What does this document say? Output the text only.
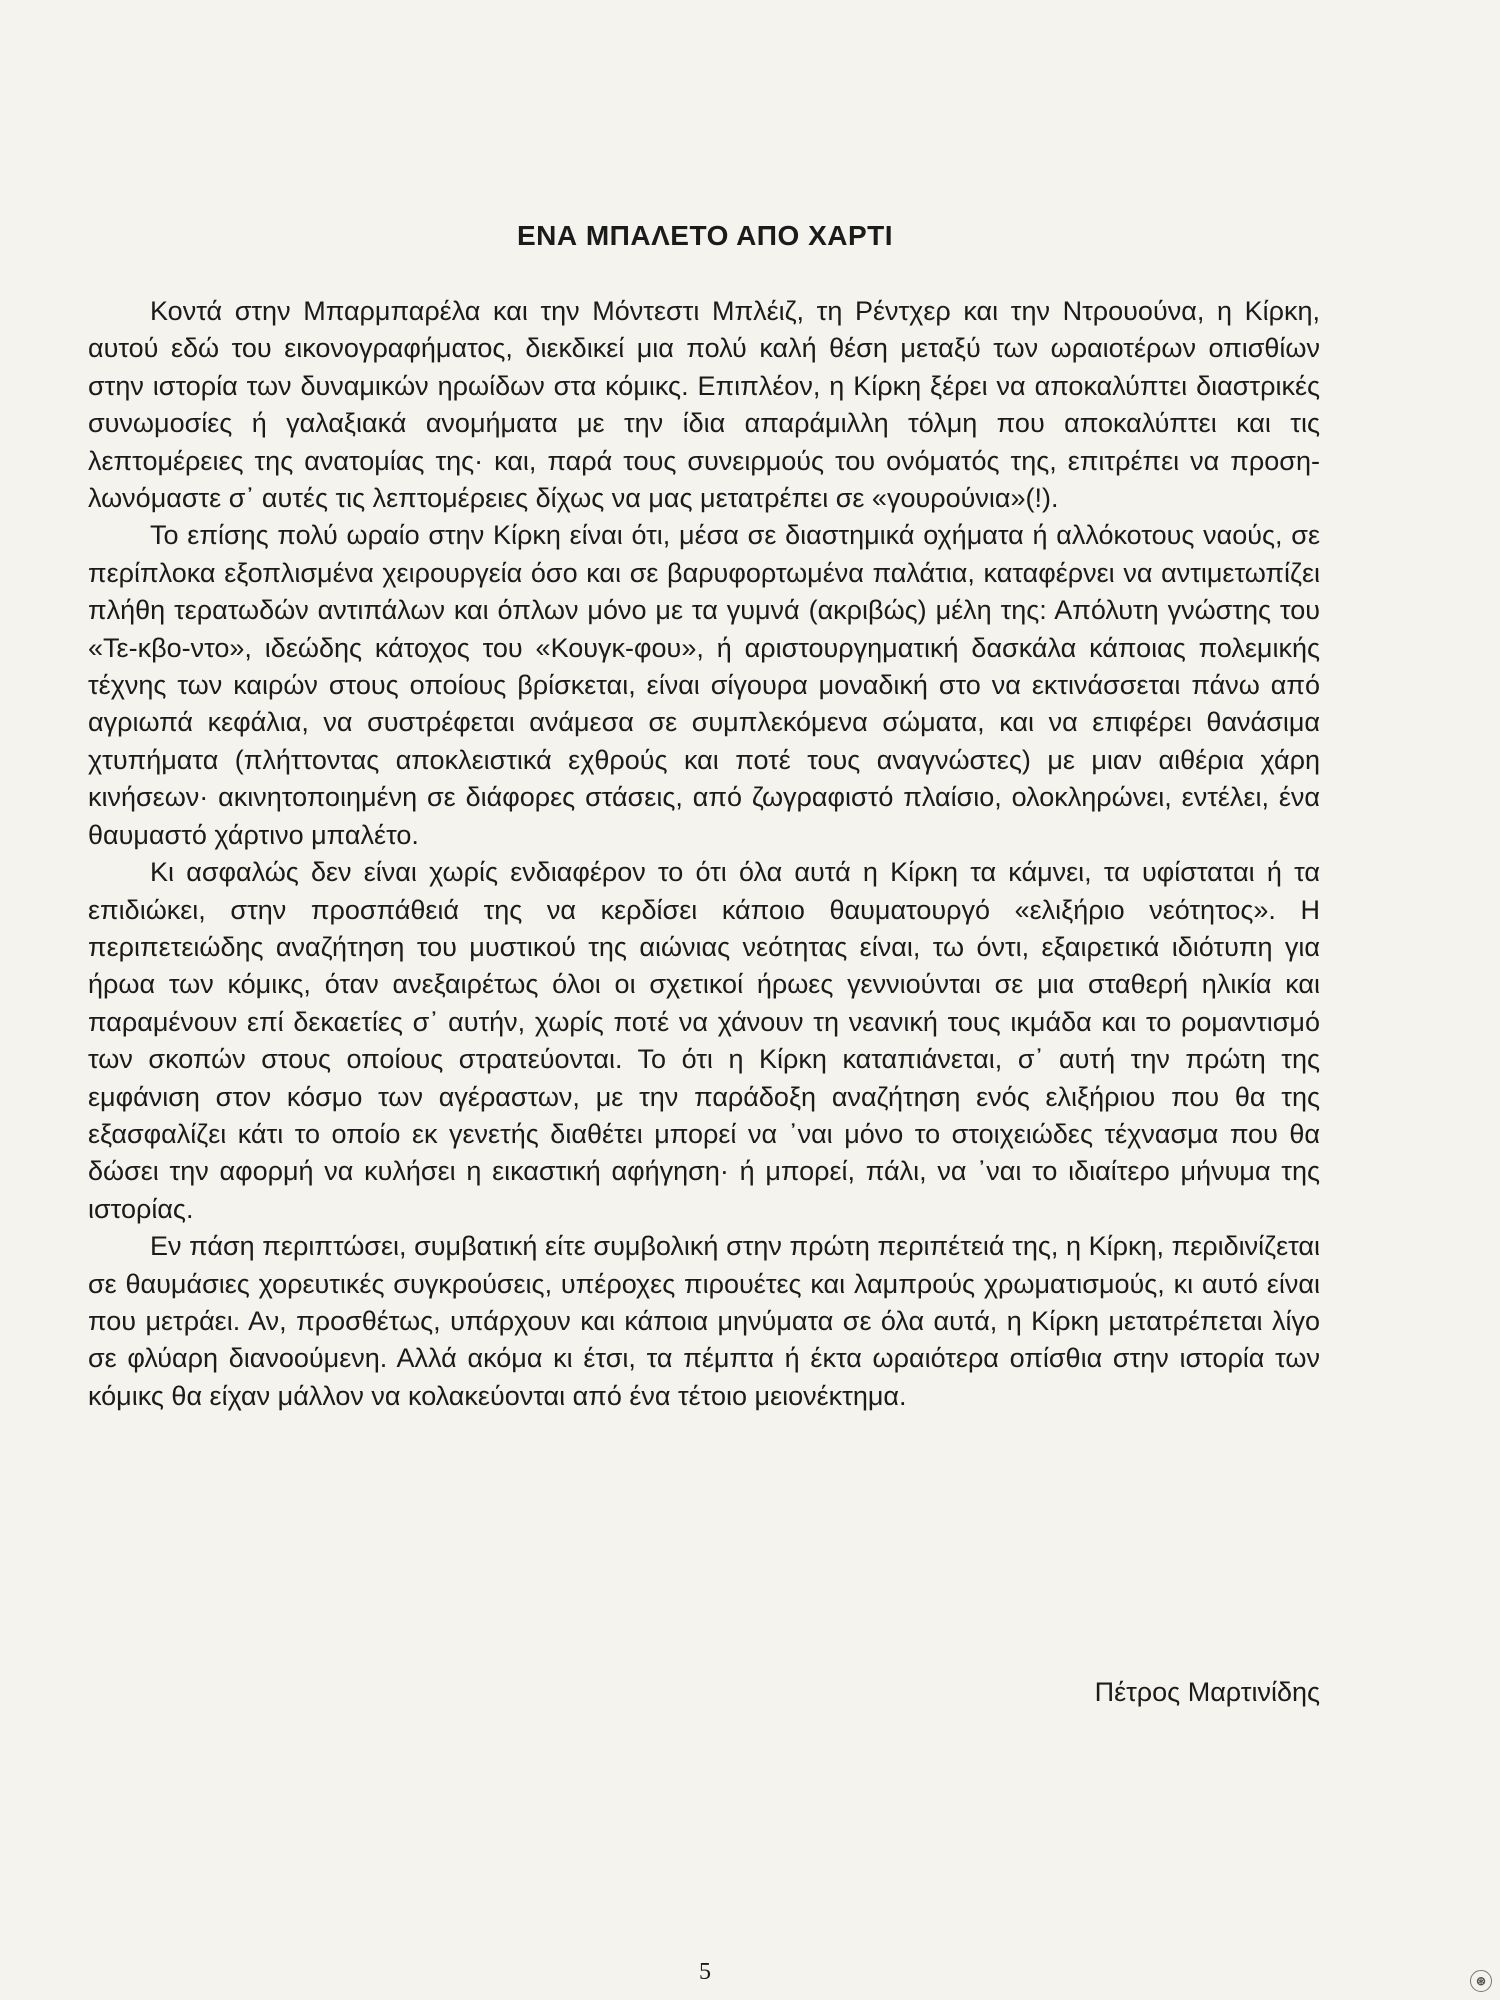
ΕΝΑ ΜΠΑΛΕΤΟ ΑΠΟ ΧΑΡΤΙ

Κοντά στην Μπαρμπαρέλα και την Μόντεστι Μπλέιζ, τη Ρέντχερ και την Ντρουούνα, η Κίρκη, αυτού εδώ του εικονογραφήματος, διεκδικεί μια πολύ καλή θέση μεταξύ των ωραιοτέρων οπισθίων στην ιστορία των δυναμικών ηρωίδων στα κόμικς. Επιπλέον, η Κίρκη ξέρει να αποκαλύπτει διαστρικές συνωμοσίες ή γαλαξιακά ανομήματα με την ίδια απαράμιλλη τόλμη που αποκαλύπτει και τις λεπτομέρειες της ανατομίας της· και, παρά τους συνειρμούς του ονόματός της, επιτρέπει να προσηλωνόμαστε σ᾽ αυτές τις λεπτομέρειες δίχως να μας μετατρέπει σε «γουρούνια»(!).

Το επίσης πολύ ωραίο στην Κίρκη είναι ότι, μέσα σε διαστημικά οχήματα ή αλλόκοτους ναούς, σε περίπλοκα εξοπλισμένα χειρουργεία όσο και σε βαρυφορτωμένα παλάτια, καταφέρνει να αντιμετωπίζει πλήθη τερατωδών αντιπάλων και όπλων μόνο με τα γυμνά (ακριβώς) μέλη της: Απόλυτη γνώστης του «Τε-κβο-ντο», ιδεώδης κάτοχος του «Κουγκ-φου», ή αριστουργηματική δασκάλα κάποιας πολεμικής τέχνης των καιρών στους οποίους βρίσκεται, είναι σίγουρα μοναδική στο να εκτινάσσεται πάνω από αγριωπά κεφάλια, να συστρέφεται ανάμεσα σε συμπλεκόμενα σώματα, και να επιφέρει θανάσιμα χτυπήματα (πλήττοντας αποκλειστικά εχθρούς και ποτέ τους αναγνώστες) με μιαν αιθέρια χάρη κινήσεων· ακινητοποιημένη σε διάφορες στάσεις, από ζωγραφιστό πλαίσιο, ολοκληρώνει, εντέλει, ένα θαυμαστό χάρτινο μπαλέτο.

Κι ασφαλώς δεν είναι χωρίς ενδιαφέρον το ότι όλα αυτά η Κίρκη τα κάμνει, τα υφίσταται ή τα επιδιώκει, στην προσπάθειά της να κερδίσει κάποιο θαυματουργό «ελιξήριο νεότητος». Η περιπετειώδης αναζήτηση του μυστικού της αιώνιας νεότητας είναι, τω όντι, εξαιρετικά ιδιότυπη για ήρωα των κόμικς, όταν ανεξαιρέτως όλοι οι σχετικοί ήρωες γεννιούνται σε μια σταθερή ηλικία και παραμένουν επί δεκαετίες σ᾽ αυτήν, χωρίς ποτέ να χάνουν τη νεανική τους ικμάδα και το ρομαντισμό των σκοπών στους οποίους στρατεύονται. Το ότι η Κίρκη καταπιάνεται, σ᾽ αυτή την πρώτη της εμφάνιση στον κόσμο των αγέραστων, με την παράδοξη αναζήτηση ενός ελιξήριου που θα της εξασφαλίζει κάτι το οποίο εκ γενετής διαθέτει μπορεί να ᾽ναι μόνο το στοιχειώδες τέχνασμα που θα δώσει την αφορμή να κυλήσει η εικαστική αφήγηση· ή μπορεί, πάλι, να ᾽ναι το ιδιαίτερο μήνυμα της ιστορίας.

Εν πάση περιπτώσει, συμβατική είτε συμβολική στην πρώτη περιπέτειά της, η Κίρκη, περιδινίζεται σε θαυμάσιες χορευτικές συγκρούσεις, υπέροχες πιρουέτες και λαμπρούς χρωματισμούς, κι αυτό είναι που μετράει. Αν, προσθέτως, υπάρχουν και κάποια μηνύματα σε όλα αυτά, η Κίρκη μετατρέπεται λίγο σε φλύαρη διανοούμενη. Αλλά ακόμα κι έτσι, τα πέμπτα ή έκτα ωραιότερα οπίσθια στην ιστορία των κόμικς θα είχαν μάλλον να κολακεύονται από ένα τέτοιο μειονέκτημα.

Πέτρος Μαρτινίδης
5	⊛
